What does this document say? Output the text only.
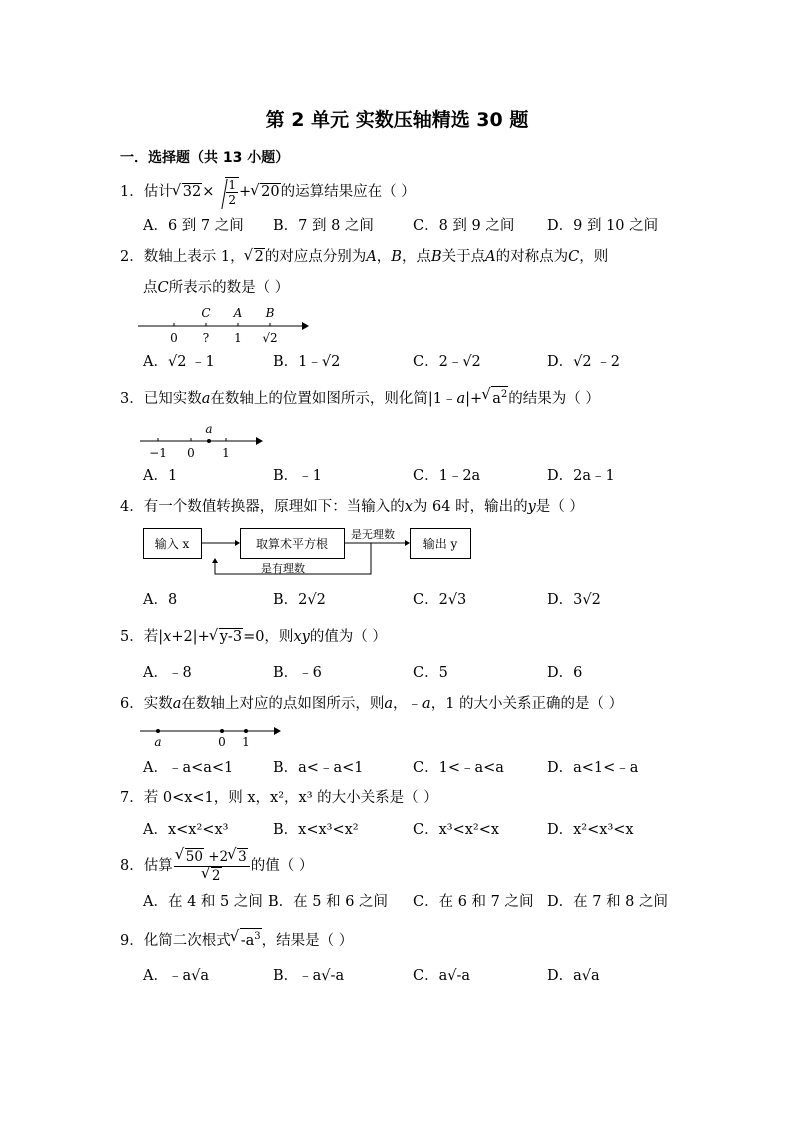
第 2 单元 实数压轴精选 30 题
一．选择题（共 13 小题）
1．估计 √ $32\times \frac{1}{2}$ + √ 20的运算结果应在（ ）
A．6 到 7 之间 B．7 到 8 之间	C．8 到 9 之间 D．9 到 10 之间
2．数轴上表示 1， √ 2的对应点分别为A，B，点B关于点A的对称点为C，则
点C所表示的数是（ ）
C A B
0 ? 1 √2
A．√2 ﹣1	B．1﹣√2	C．2﹣√2	D．√2 ﹣2
3．已知实数a在数轴上的位置如图所示，则化简|1﹣a|+ √ $a^2$的结果为（ ）
a
−1 0 1
A．1	B．﹣1	C．1﹣2a	D．2a﹣1
4．有一个数值转换器，原理如下：当输入的x为 64 时，输出的y是（ ）
输入 x	取算术平方根
是无理数
输出 y
是有理数
A．8	B．2√2	C．2√3	D．3√2
5．若|x+2|+ √ y-3=0，则xy的值为（ ）
A．﹣8	B．﹣6	C．5	D．6
6．实数a在数轴上对应的点如图所示，则a，﹣a，1 的大小关系正确的是（ ）
a	0 1
A．﹣a<a<1	B．a<﹣a<1	C．1<﹣a<a	D．a<1<﹣a
7．若 0<x<1，则 x，x²，x³ 的大小关系是（ ）
A．x<x²<x³	B．x<x³<x²	C．x³<x²<x	D．x²<x³<x
8．估算 √ 50 +2 √ 3
√ 2 的值（ ）
A．在 4 和 5 之间 B．在 5 和 6 之间 C．在 6 和 7 之间 D．在 7 和 8 之间
9．化简二次根式 √ $-a^3$，结果是（ ）
A．﹣a√a	B．﹣a√-a	C．a√-a	D．a√a
